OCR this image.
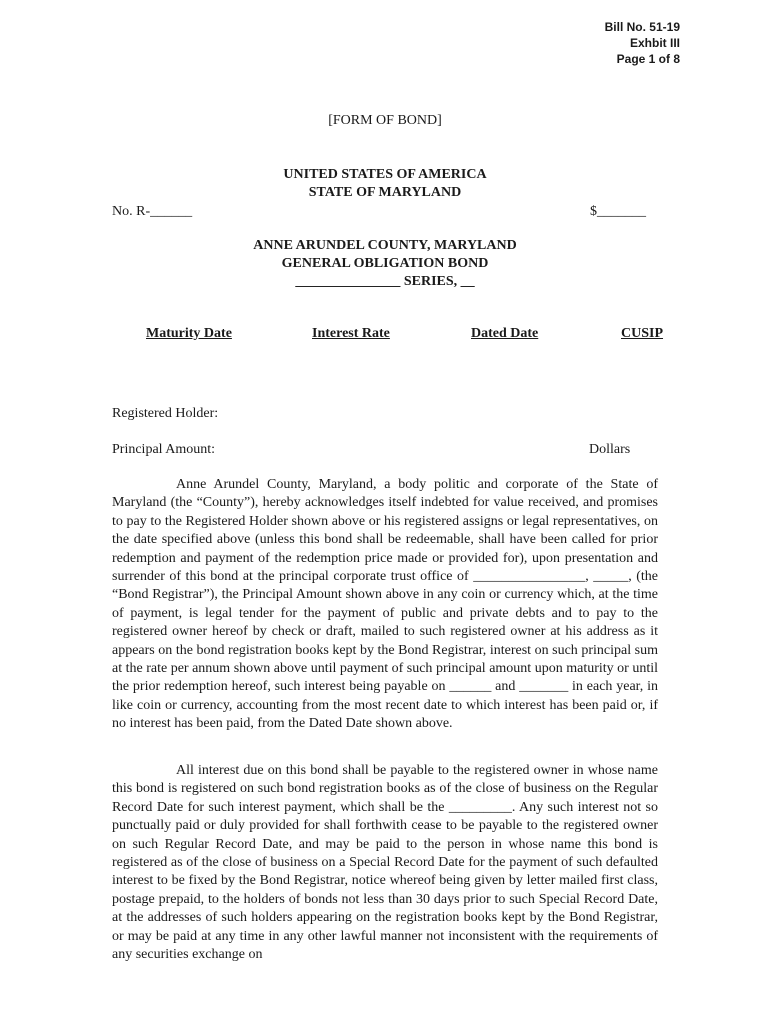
Bill No. 51-19
Exhbit III
Page 1 of 8
[FORM OF BOND]
UNITED STATES OF AMERICA
STATE OF MARYLAND
No. R-______	$_______
ANNE ARUNDEL COUNTY, MARYLAND
GENERAL OBLIGATION BOND
_______________ SERIES, __
Maturity Date	Interest Rate	Dated Date	CUSIP
Registered Holder:
Principal Amount:	Dollars
Anne Arundel County, Maryland, a body politic and corporate of the State of Maryland (the “County”), hereby acknowledges itself indebted for value received, and promises to pay to the Registered Holder shown above or his registered assigns or legal representatives, on the date specified above (unless this bond shall be redeemable, shall have been called for prior redemption and payment of the redemption price made or provided for), upon presentation and surrender of this bond at the principal corporate trust office of ________________, _____, (the “Bond Registrar”), the Principal Amount shown above in any coin or currency which, at the time of payment, is legal tender for the payment of public and private debts and to pay to the registered owner hereof by check or draft, mailed to such registered owner at his address as it appears on the bond registration books kept by the Bond Registrar, interest on such principal sum at the rate per annum shown above until payment of such principal amount upon maturity or until the prior redemption hereof, such interest being payable on ______ and _______ in each year, in like coin or currency, accounting from the most recent date to which interest has been paid or, if no interest has been paid, from the Dated Date shown above.
All interest due on this bond shall be payable to the registered owner in whose name this bond is registered on such bond registration books as of the close of business on the Regular Record Date for such interest payment, which shall be the _________. Any such interest not so punctually paid or duly provided for shall forthwith cease to be payable to the registered owner on such Regular Record Date, and may be paid to the person in whose name this bond is registered as of the close of business on a Special Record Date for the payment of such defaulted interest to be fixed by the Bond Registrar, notice whereof being given by letter mailed first class, postage prepaid, to the holders of bonds not less than 30 days prior to such Special Record Date, at the addresses of such holders appearing on the registration books kept by the Bond Registrar, or may be paid at any time in any other lawful manner not inconsistent with the requirements of any securities exchange on
